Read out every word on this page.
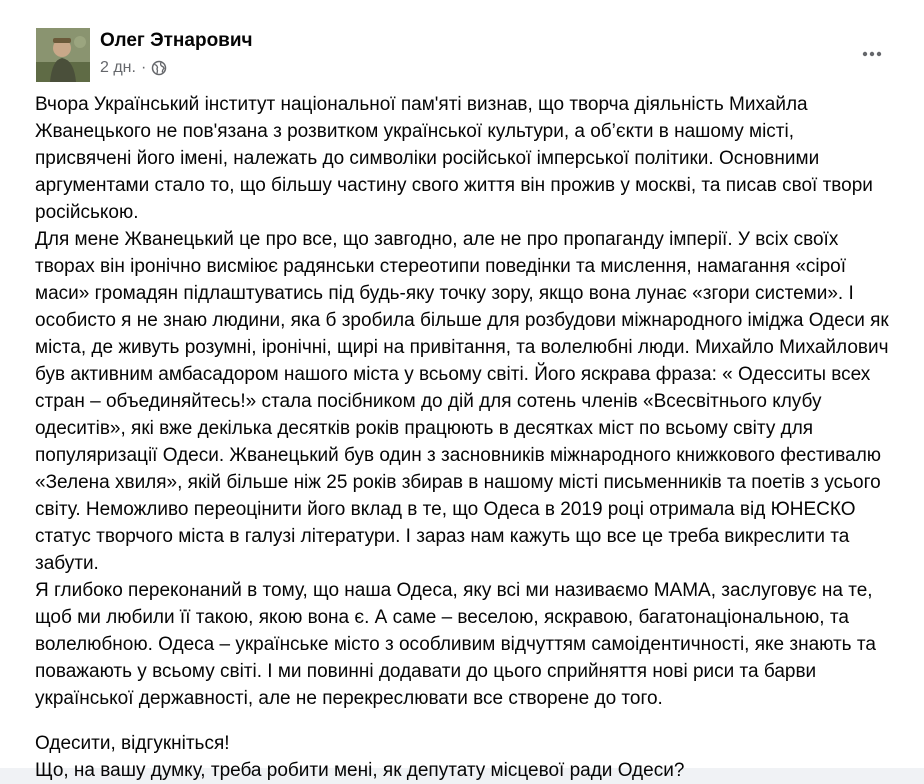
Олег Этнарович
2 дн. ·

Вчора Український інститут національної пам'яті визнав, що творча діяльність Михайла Жванецького не пов'язана з розвитком української культури, а об’єкти в нашому місті, присвячені його імені, належать до символіки російської імперської політики. Основними аргументами стало то, що більшу частину свого життя він прожив у москві, та писав свої твори російською.

Для мене Жванецький це про все, що завгодно, але не про пропаганду імперії. У всіх своїх творах він іронічно висміює радянськи стереотипи поведінки та мислення, намагання «сірої маси» громадян підлаштуватись під будь-яку точку зору, якщо вона лунає «згори системи». І особисто я не знаю людини, яка б зробила більше для розбудови міжнародного іміджа Одеси як міста, де живуть розумні, іронічні, щирі на привітання, та волелюбні люди. Михайло Михайлович був активним амбасадором нашого міста у всьому світі. Його яскрава фраза: « Одесситы всех стран – объединяйтесь!» стала посібником до дій для сотень членів «Всесвітнього клубу одеситів», які вже декілька десятків років працюють в десятках міст по всьому світу для популяризації Одеси. Жванецький був один з засновників міжнародного книжкового фестивалю «Зелена хвиля», якій більше ніж 25 років збирав в нашому місті письменників та поетів з усього світу. Неможливо переоцінити його вклад в те, що Одеса в 2019 році отримала від ЮНЕСКО статус творчого міста в галузі літератури. І зараз нам кажуть що все це треба викреслити та забути.

Я глибоко переконаний в тому, що наша Одеса, яку всі ми називаємо МАМА, заслуговує на те, щоб ми любили її такою, якою вона є. А саме – веселою, яскравою, багатонаціональною, та волелюбною. Одеса – українське місто з особливим відчуттям самоідентичності, яке знають та поважають у всьому світі. І ми повинні додавати до цього сприйняття нові риси та барви української державності, але не перекреслювати все створене до того.

Одесити, відгукніться!

Що, на вашу думку, треба робити мені, як депутату місцевої ради Одеси?
